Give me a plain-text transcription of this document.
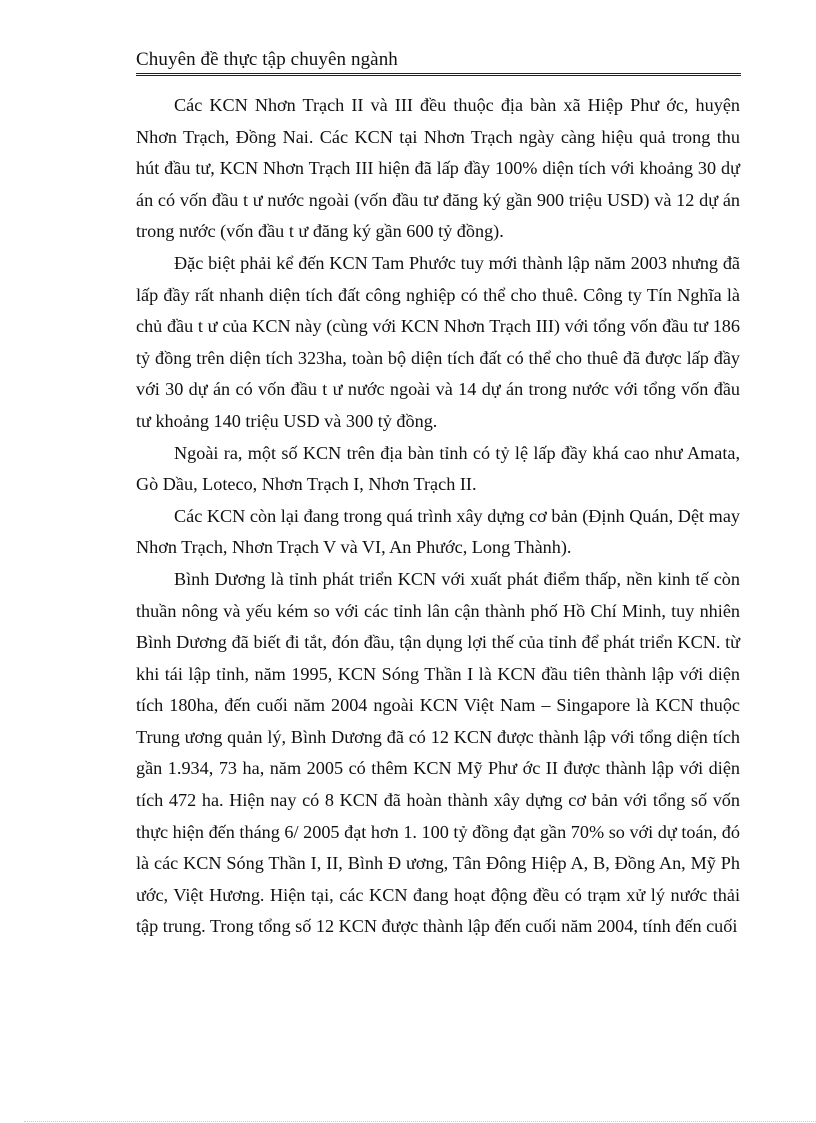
Chuyên đề thực tập chuyên ngành

Các KCN Nhơn Trạch II và III đều thuộc địa bàn xã Hiệp Phư ớc, huyện Nhơn Trạch, Đồng Nai. Các KCN tại Nhơn Trạch ngày càng hiệu quả trong thu hút đầu tư, KCN Nhơn Trạch III hiện đã lấp đầy 100% diện tích với khoảng 30 dự án có vốn đầu t ư nước ngoài (vốn đầu tư đăng ký gần 900 triệu USD) và 12 dự án trong nước (vốn đầu t ư đăng ký gần 600 tỷ đồng).

Đặc biệt phải kể đến KCN Tam Phước tuy mới thành lập năm 2003 nhưng đã lấp đầy rất nhanh diện tích đất công nghiệp có thể cho thuê. Công ty Tín Nghĩa là chủ đầu t ư của KCN này (cùng với KCN Nhơn Trạch III) với tổng vốn đầu tư 186 tỷ đồng trên diện tích 323ha, toàn bộ diện tích đất có thể cho thuê đã được lấp đầy với 30 dự án có vốn đầu t ư nước ngoài và 14 dự án trong nước với tổng vốn đầu tư khoảng 140 triệu USD và 300 tỷ đồng.

Ngoài ra, một số KCN trên địa bàn tỉnh có tỷ lệ lấp đầy khá cao như Amata, Gò Dầu, Loteco, Nhơn Trạch I, Nhơn Trạch II.

Các KCN còn lại đang trong quá trình xây dựng cơ bản (Định Quán, Dệt may Nhơn Trạch, Nhơn Trạch V và VI, An Phước, Long Thành).

Bình Dương là tỉnh phát triển KCN với xuất phát điểm thấp, nền kinh tế còn thuần nông và yếu kém so với các tỉnh lân cận thành phố Hồ Chí Minh, tuy nhiên Bình Dương đã biết đi tắt, đón đầu, tận dụng lợi thế của tỉnh để phát triển KCN. từ khi tái lập tỉnh, năm 1995, KCN Sóng Thần I là KCN đầu tiên thành lập với diện tích 180ha, đến cuối năm 2004 ngoài KCN Việt Nam – Singapore là KCN thuộc Trung ương quản lý, Bình Dương đã có 12 KCN được thành lập với tổng diện tích gần 1.934, 73 ha, năm 2005 có thêm KCN Mỹ Phư ớc II được thành lập với diện tích 472 ha. Hiện nay có 8 KCN đã hoàn thành xây dựng cơ bản với tổng số vốn thực hiện đến tháng 6/ 2005 đạt hơn 1. 100 tỷ đồng đạt gần 70% so với dự toán, đó là các KCN Sóng Thần I, II, Bình Đ ương, Tân Đông Hiệp A, B, Đồng An, Mỹ Ph ước, Việt Hương. Hiện tại, các KCN đang hoạt động đều có trạm xử lý nước thải tập trung. Trong tổng số 12 KCN được thành lập đến cuối năm 2004, tính đến cuối
